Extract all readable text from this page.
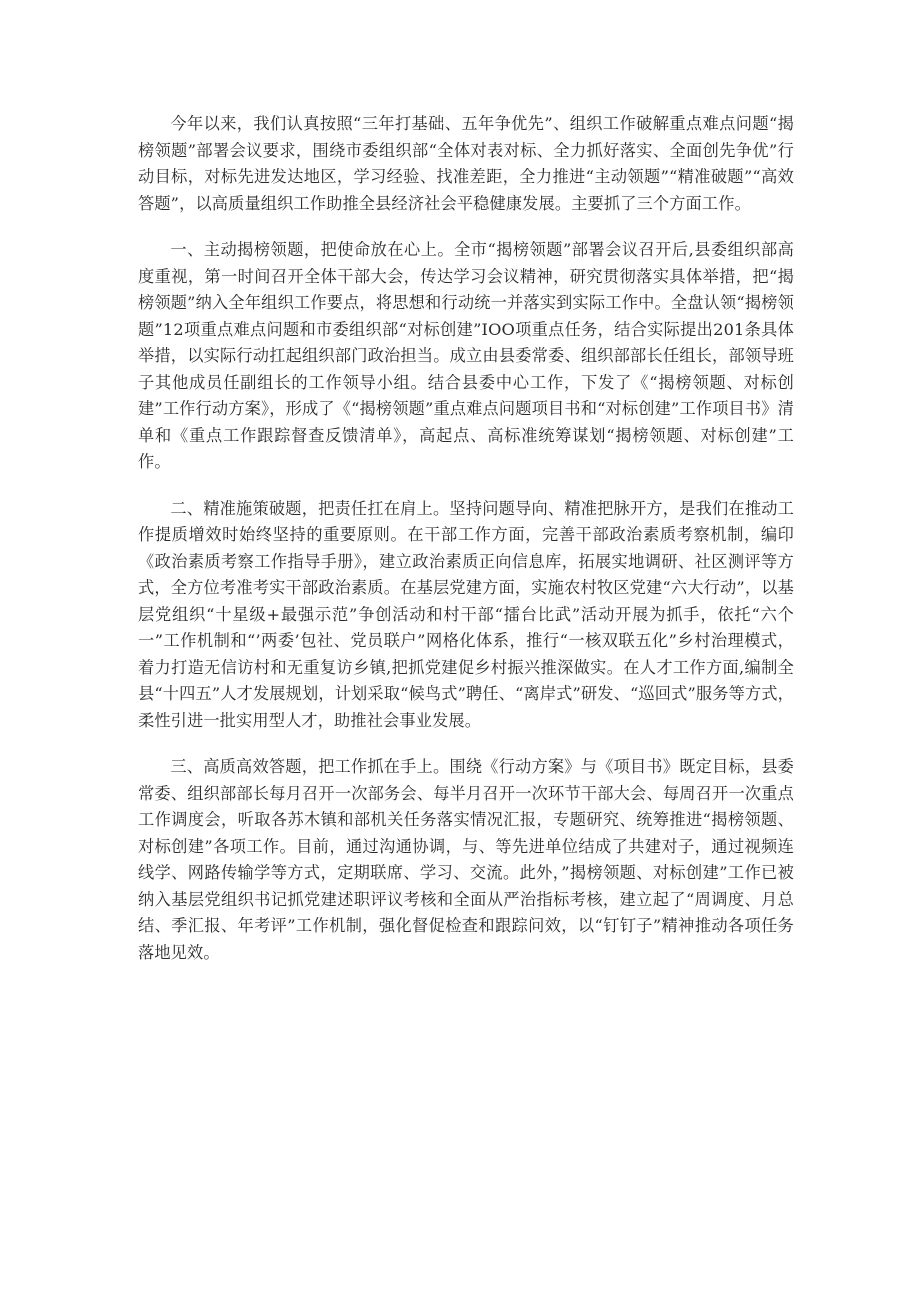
今年以来，我们认真按照“三年打基础、五年争优先”、组织工作破解重点难点问题“揭榜领题”部署会议要求，围绕市委组织部“全体对表对标、全力抓好落实、全面创先争优”行动目标，对标先进发达地区，学习经验、找准差距，全力推进“主动领题”“精准破题”“高效答题”，以高质量组织工作助推全县经济社会平稳健康发展。主要抓了三个方面工作。

一、主动揭榜领题，把使命放在心上。全市“揭榜领题”部署会议召开后,县委组织部高度重视，第一时间召开全体干部大会，传达学习会议精神，研究贯彻落实具体举措，把“揭榜领题”纳入全年组织工作要点，将思想和行动统一并落实到实际工作中。全盘认领“揭榜领题”12项重点难点问题和市委组织部“对标创建”IOO项重点任务，结合实际提出201条具体举措，以实际行动扛起组织部门政治担当。成立由县委常委、组织部部长任组长，部领导班子其他成员任副组长的工作领导小组。结合县委中心工作，下发了《“揭榜领题、对标创建”工作行动方案》，形成了《“揭榜领题”重点难点问题项目书和“对标创建”工作项目书》清单和《重点工作跟踪督查反馈清单》，高起点、高标准统筹谋划“揭榜领题、对标创建”工作。

二、精准施策破题，把责任扛在肩上。坚持问题导向、精准把脉开方，是我们在推动工作提质增效时始终坚持的重要原则。在干部工作方面，完善干部政治素质考察机制，编印《政治素质考察工作指导手册》，建立政治素质正向信息库，拓展实地调研、社区测评等方式，全方位考准考实干部政治素质。在基层党建方面，实施农村牧区党建“六大行动”，以基层党组织“十星级+最强示范”争创活动和村干部“擂台比武”活动开展为抓手，依托“六个一”工作机制和“’两委’包社、党员联户”网格化体系，推行“一核双联五化”乡村治理模式，着力打造无信访村和无重复访乡镇,把抓党建促乡村振兴推深做实。在人才工作方面,编制全县“十四五”人才发展规划，计划采取“候鸟式”聘任、“离岸式”研发、“巡回式”服务等方式，柔性引进一批实用型人才，助推社会事业发展。

三、高质高效答题，把工作抓在手上。围绕《行动方案》与《项目书》既定目标，县委常委、组织部部长每月召开一次部务会、每半月召开一次环节干部大会、每周召开一次重点工作调度会，听取各苏木镇和部机关任务落实情况汇报，专题研究、统筹推进“揭榜领题、对标创建”各项工作。目前，通过沟通协调，与、等先进单位结成了共建对子，通过视频连线学、网路传输学等方式，定期联席、学习、交流。此外，”揭榜领题、对标创建”工作已被纳入基层党组织书记抓党建述职评议考核和全面从严治指标考核，建立起了“周调度、月总结、季汇报、年考评”工作机制，强化督促检查和跟踪问效，以“钉钉子”精神推动各项任务落地见效。
